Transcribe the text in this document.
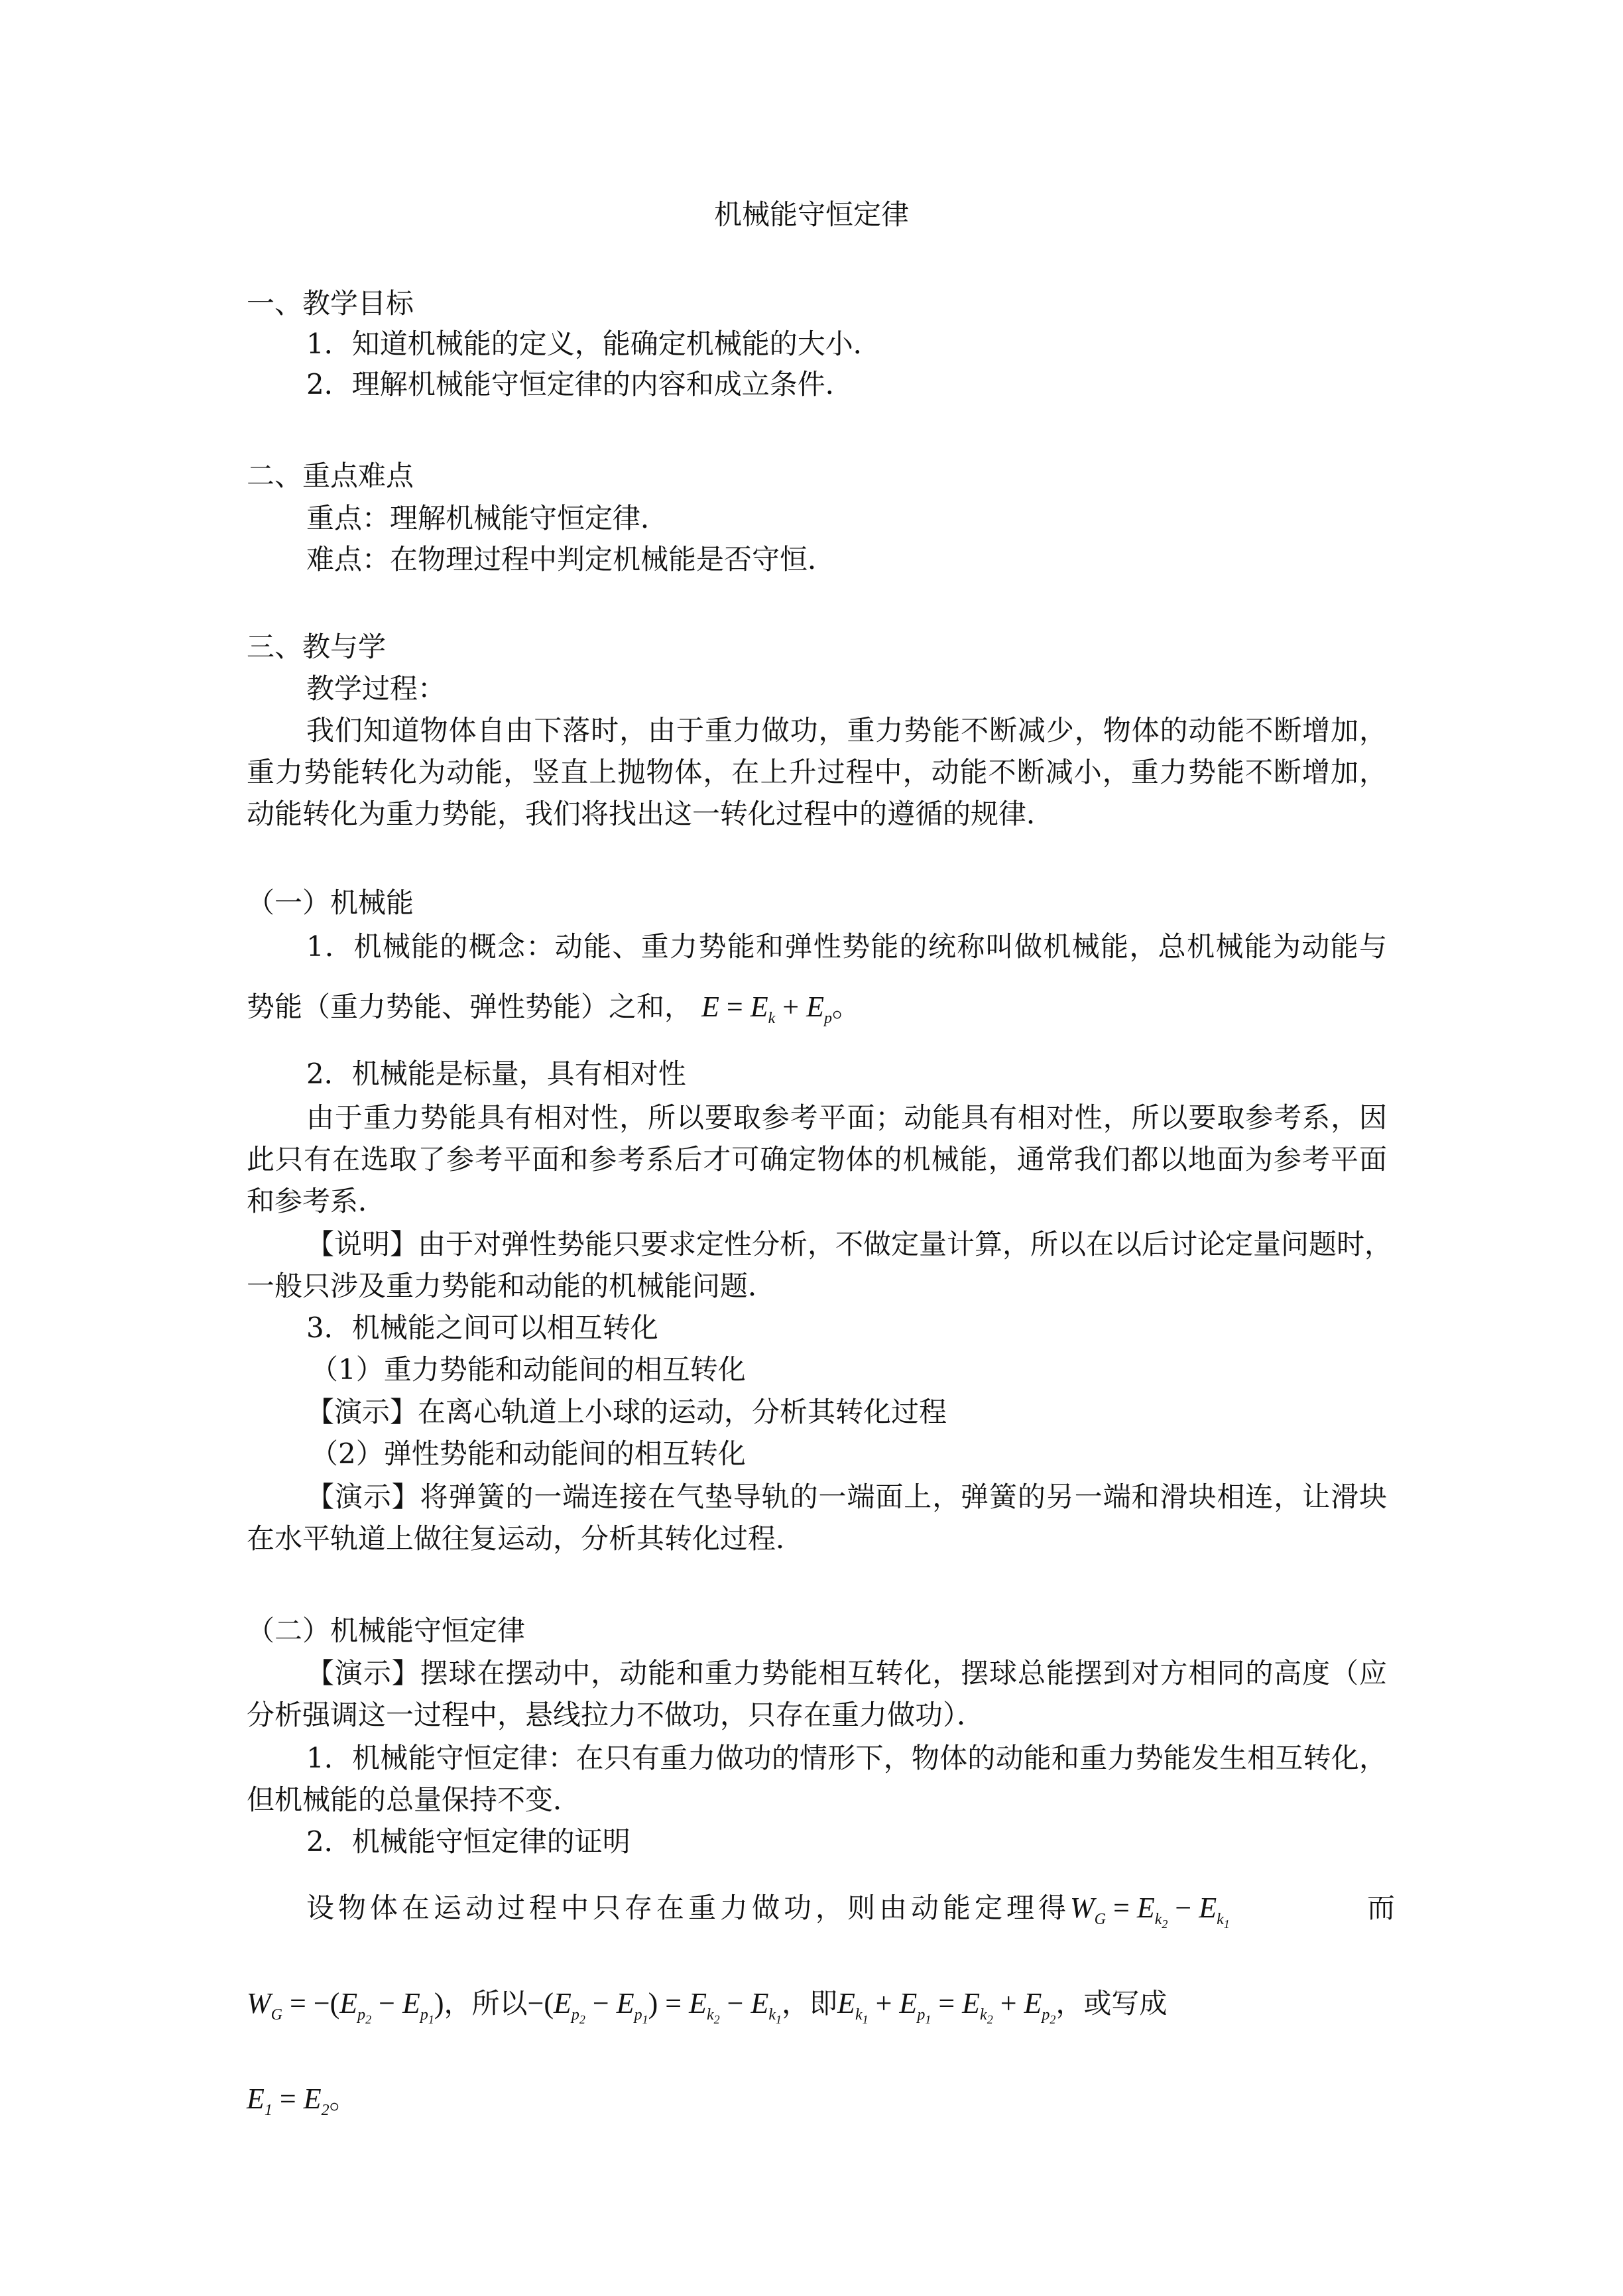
机械能守恒定律
一、教学目标
1．知道机械能的定义，能确定机械能的大小．
2．理解机械能守恒定律的内容和成立条件．
二、重点难点
重点：理解机械能守恒定律．
难点：在物理过程中判定机械能是否守恒．
三、教与学
教学过程：
我们知道物体自由下落时，由于重力做功，重力势能不断减少，物体的动能不断增加，
重力势能转化为动能，竖直上抛物体，在上升过程中，动能不断减小，重力势能不断增加，
动能转化为重力势能，我们将找出这一转化过程中的遵循的规律．
（一）机械能
1．机械能的概念：动能、重力势能和弹性势能的统称叫做机械能，总机械能为动能与
势能（重力势能、弹性势能）之和， $E = E_k + E_p$。
2．机械能是标量，具有相对性
由于重力势能具有相对性，所以要取参考平面；动能具有相对性，所以要取参考系，因
此只有在选取了参考平面和参考系后才可确定物体的机械能，通常我们都以地面为参考平面
和参考系．
【说明】由于对弹性势能只要求定性分析，不做定量计算，所以在以后讨论定量问题时，
一般只涉及重力势能和动能的机械能问题．
3．机械能之间可以相互转化
（1）重力势能和动能间的相互转化
【演示】在离心轨道上小球的运动，分析其转化过程
（2）弹性势能和动能间的相互转化
【演示】将弹簧的一端连接在气垫导轨的一端面上，弹簧的另一端和滑块相连，让滑块
在水平轨道上做往复运动，分析其转化过程．
（二）机械能守恒定律
【演示】摆球在摆动中，动能和重力势能相互转化，摆球总能摆到对方相同的高度（应
分析强调这一过程中，悬线拉力不做功，只存在重力做功）．
1．机械能守恒定律：在只有重力做功的情形下，物体的动能和重力势能发生相互转化，
但机械能的总量保持不变．
2．机械能守恒定律的证明
设物体在运动过程中只存在重力做功，则由动能定理得$W_G = E_{k_2} - E_{k_1}$	而
$W_G = -(E_{p_2} - E_{p_1})$，所以$-(E_{p_2} - E_{p_1}) = E_{k_2} - E_{k_1}$，即$E_{k_1} + E_{p_1} = E_{k_2} + E_{p_2}$，或写成
$E_1 = E_2$。
